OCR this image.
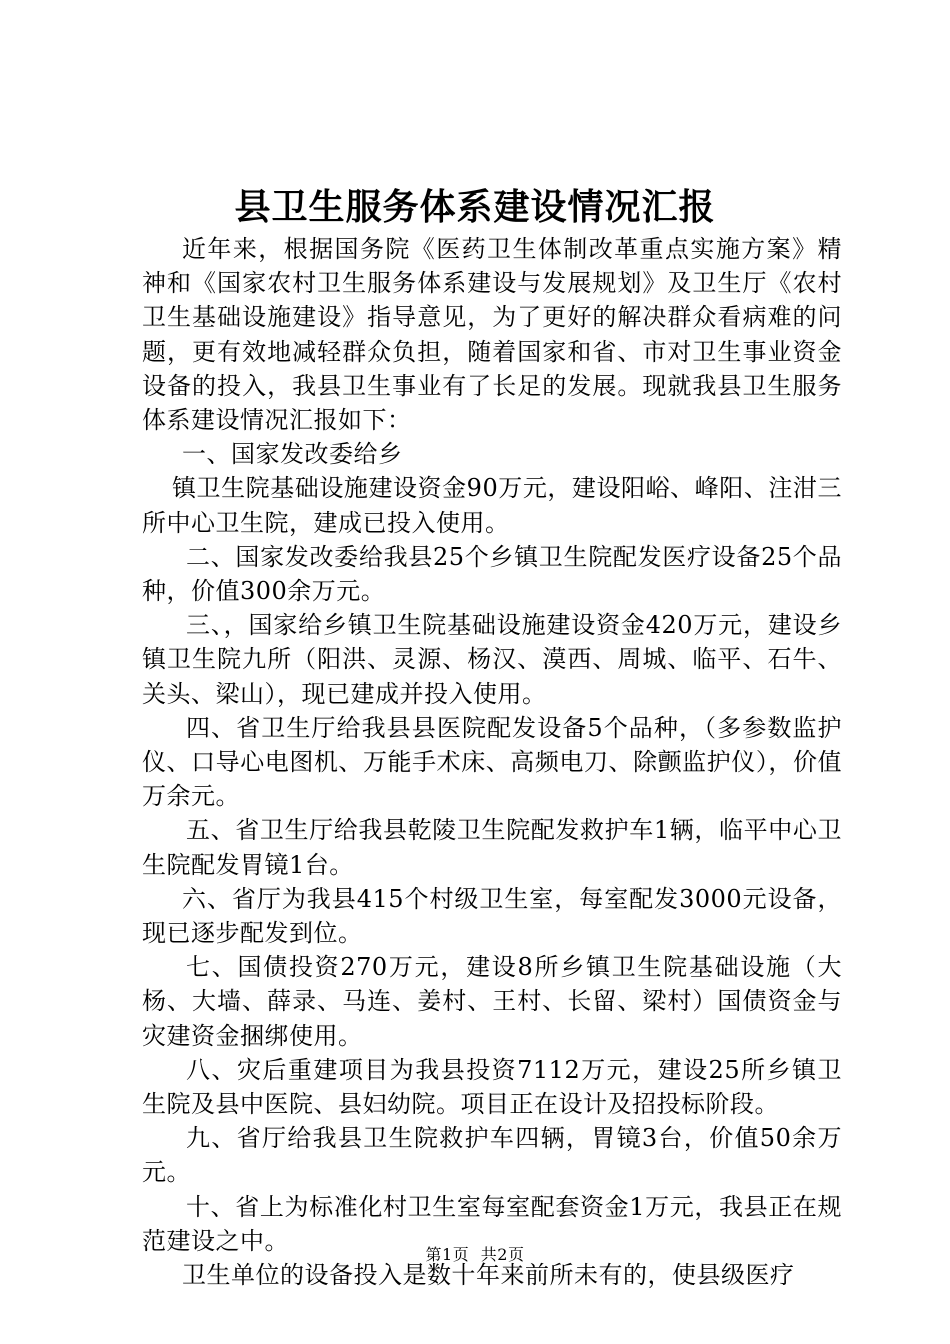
县卫生服务体系建设情况汇报

近年来，根据国务院《医药卫生体制改革重点实施方案》精神和《国家农村卫生服务体系建设与发展规划》及卫生厅《农村卫生基础设施建设》指导意见，为了更好的解决群众看病难的问题，更有效地减轻群众负担，随着国家和省、市对卫生事业资金设备的投入，我县卫生事业有了长足的发展。现就我县卫生服务体系建设情况汇报如下：

一、国家发改委给乡

镇卫生院基础设施建设资金90万元，建设阳峪、峰阳、注泔三所中心卫生院，建成已投入使用。

二、国家发改委给我县25个乡镇卫生院配发医疗设备25个品种，价值300余万元。

三、，国家给乡镇卫生院基础设施建设资金420万元，建设乡镇卫生院九所（阳洪、灵源、杨汉、漠西、周城、临平、石牛、关头、梁山），现已建成并投入使用。

四、省卫生厅给我县县医院配发设备5个品种，（多参数监护仪、口导心电图机、万能手术床、高频电刀、除颤监护仪），价值万余元。

五、省卫生厅给我县乾陵卫生院配发救护车1辆，临平中心卫生院配发胃镜1台。

六、省厅为我县415个村级卫生室，每室配发3000元设备，现已逐步配发到位。

七、国债投资270万元，建设8所乡镇卫生院基础设施（大杨、大墙、薛录、马连、姜村、王村、长留、梁村）国债资金与灾建资金捆绑使用。

八、灾后重建项目为我县投资7112万元，建设25所乡镇卫生院及县中医院、县妇幼院。项目正在设计及招投标阶段。

九、省厅给我县卫生院救护车四辆，胃镜3台，价值50余万元。

十、省上为标准化村卫生室每室配套资金1万元，我县正在规范建设之中。

卫生单位的设备投入是数十年来前所未有的，使县级医疗

第1页 共2页
